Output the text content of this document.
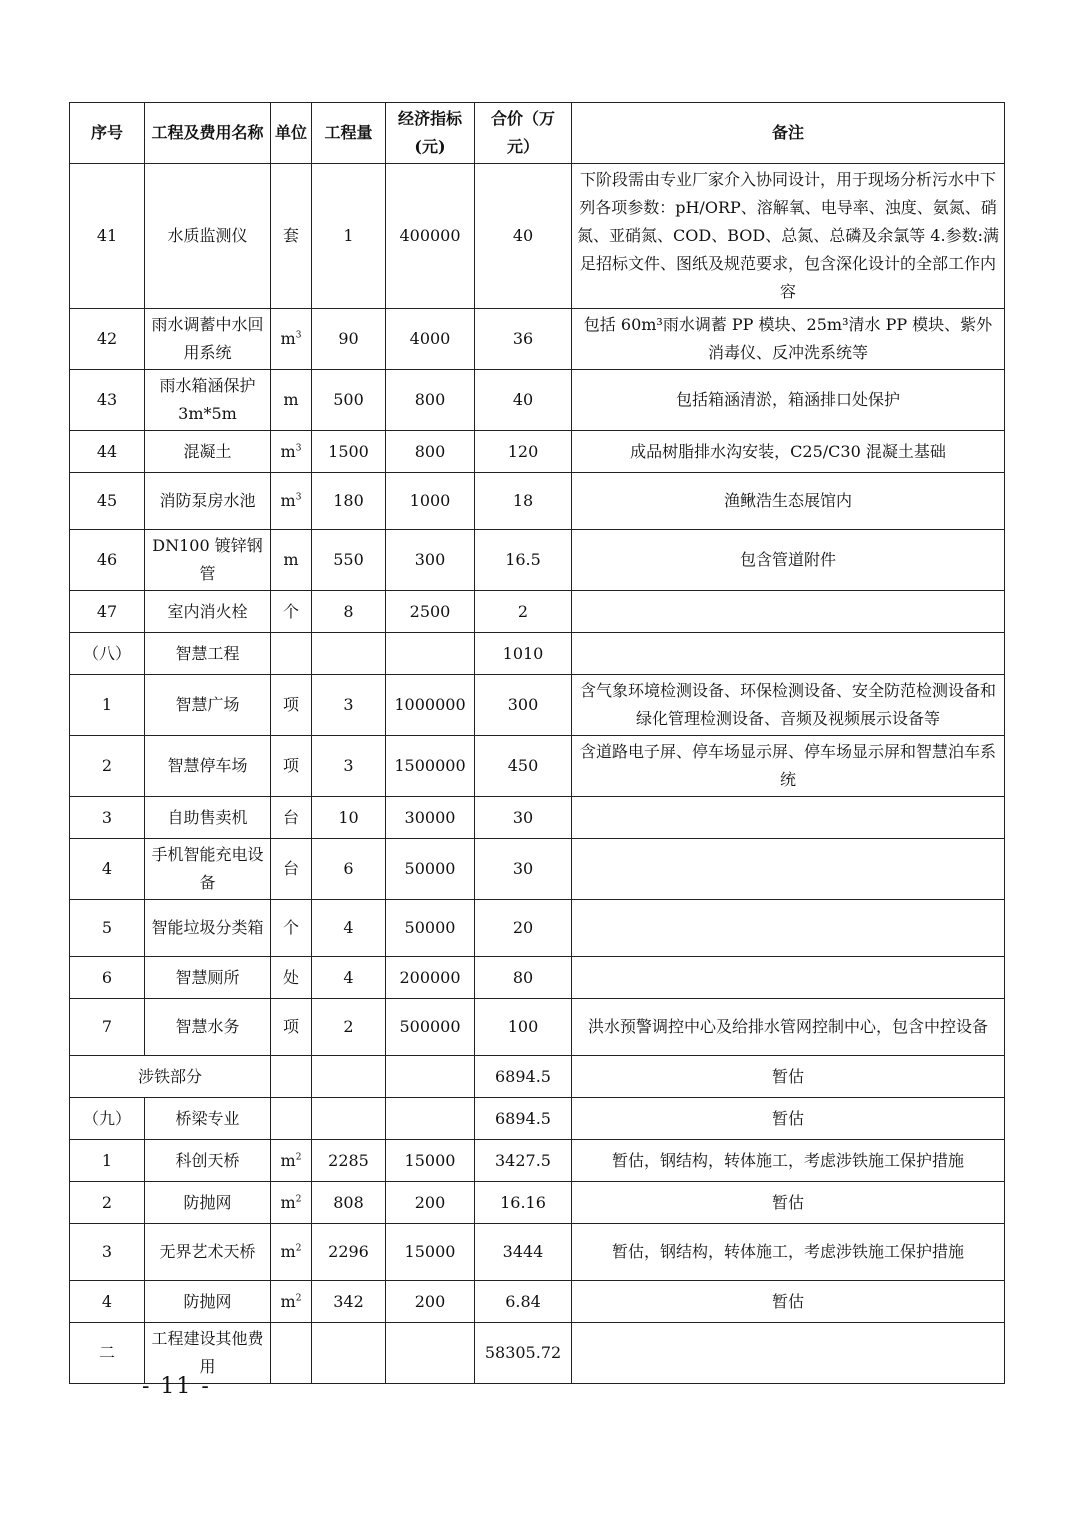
序号	工程及费用名称	单位	工程量	经济指标(元)	合价（万元）	备注
41	水质监测仪	套	1	400000	40	下阶段需由专业厂家介入协同设计，用于现场分析污水中下列各项参数：pH/ORP、溶解氧、电导率、浊度、氨氮、硝氮、亚硝氮、COD、BOD、总氮、总磷及余氯等 4.参数:满足招标文件、图纸及规范要求，包含深化设计的全部工作内容
42	雨水调蓄中水回用系统	$m^3$	90	4000	36	包括 60m³雨水调蓄 PP 模块、25m³清水 PP 模块、紫外消毒仪、反冲洗系统等
43	雨水箱涵保护 3m*5m	m	500	800	40	包括箱涵清淤，箱涵排口处保护
44	混凝土	$m^3$	1500	800	120	成品树脂排水沟安装，C25/C30 混凝土基础
45	消防泵房水池	$m^3$	180	1000	18	渔鳅浩生态展馆内
46	DN100 镀锌钢管	m	550	300	16.5	包含管道附件
47	室内消火栓	个	8	2500	2	
（八）	智慧工程				1010	
1	智慧广场	项	3	1000000	300	含气象环境检测设备、环保检测设备、安全防范检测设备和绿化管理检测设备、音频及视频展示设备等
2	智慧停车场	项	3	1500000	450	含道路电子屏、停车场显示屏、停车场显示屏和智慧泊车系统
3	自助售卖机	台	10	30000	30	
4	手机智能充电设备	台	6	50000	30	
5	智能垃圾分类箱	个	4	50000	20	
6	智慧厕所	处	4	200000	80	
7	智慧水务	项	2	500000	100	洪水预警调控中心及给排水管网控制中心，包含中控设备
涉铁部分					6894.5	暂估
（九）	桥梁专业				6894.5	暂估
1	科创天桥	$m^2$	2285	15000	3427.5	暂估，钢结构，转体施工，考虑涉铁施工保护措施
2	防抛网	$m^2$	808	200	16.16	暂估
3	无界艺术天桥	$m^2$	2296	15000	3444	暂估，钢结构，转体施工，考虑涉铁施工保护措施
4	防抛网	$m^2$	342	200	6.84	暂估
二	工程建设其他费用				58305.72	
- 11 -
